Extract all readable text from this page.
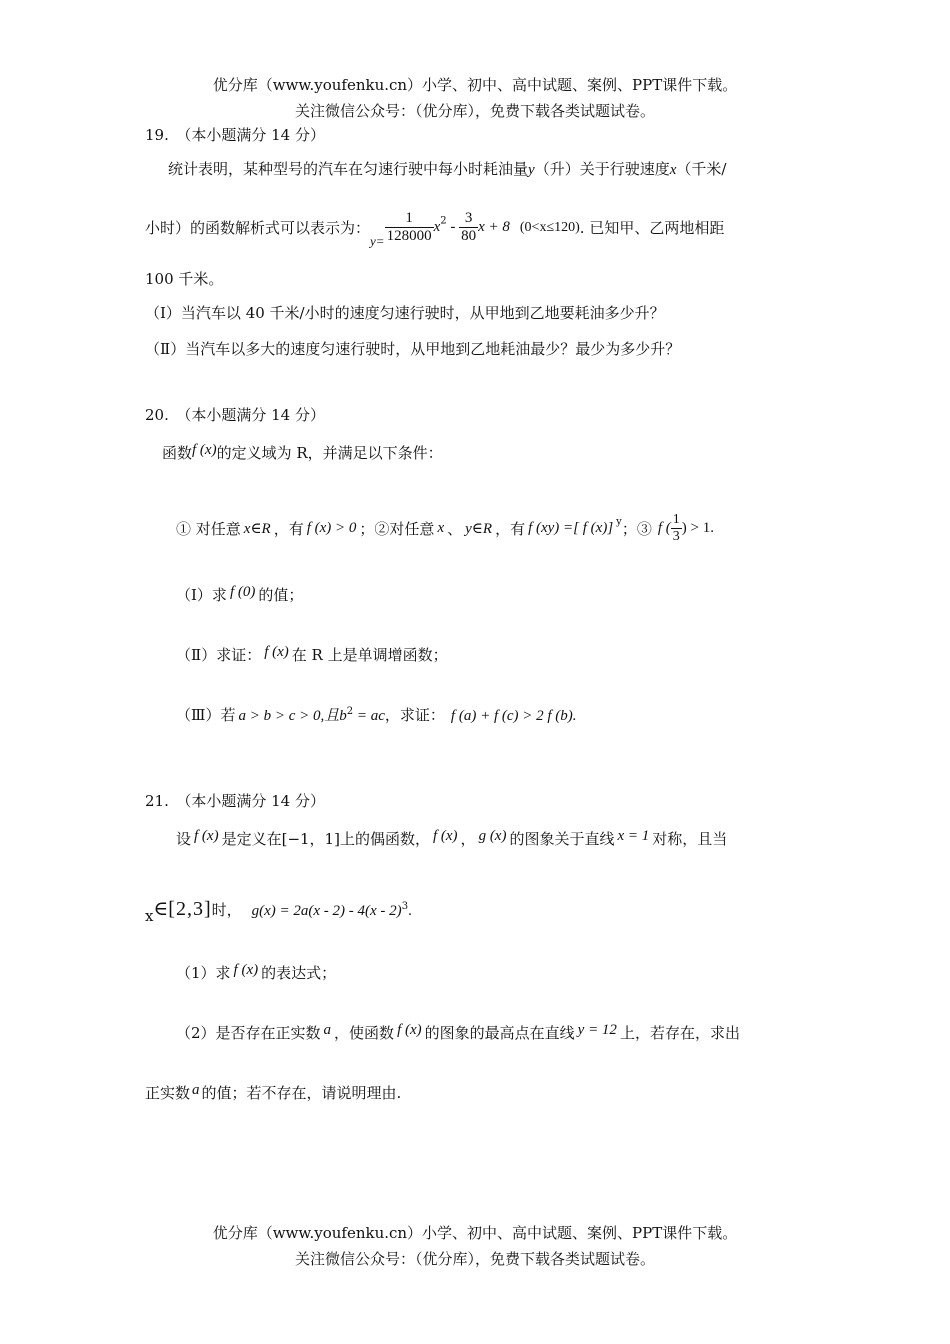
优分库（www.youfenku.cn）小学、初中、高中试题、案例、PPT课件下载。
关注微信公众号：（优分库），免费下载各类试题试卷。
19.　（本小题满分 14 分）
统计表明，某种型号的汽车在匀速行驶中每小时耗油量y（升）关于行驶速度x（千米/
小时）的函数解析式可以表示为：$y= \frac{1}{128000} x^2 - \frac{3}{80}$ x + 8 (0<x≤120). 已知甲、乙两地相距
100 千米。
（Ⅰ）当汽车以 40 千米/小时的速度匀速行驶时，从甲地到乙地要耗油多少升？
（Ⅱ）当汽车以多大的速度匀速行驶时，从甲地到乙地耗油最少？最少为多少升？
20.　（本小题满分 14 分）
函数f (x)的定义域为 R，并满足以下条件：
① 对任意 x∈R ，有 f (x) > 0 ；②对任意 x 、 y∈R ，有 f (xy) =[ f (x)] $^y$；③ f ( $\frac{1}{3}$ ) > 1.
（Ⅰ）求 f (0) 的值；
（Ⅱ）求证： f (x) 在 R 上是单调增函数；
（Ⅲ）若 a > b > c > 0,且$b^2$ = ac，求证： f (a) + f (c) > 2 f (b).
21.　（本小题满分 14 分）
设 f (x) 是定义在[−1，1]上的偶函数， f (x) ， g (x) 的图象关于直线 x = 1 对称，且当
x∈[2,3]时， g(x) = 2a(x - 2) - 4(x - 2)$^3$.
（1）求 f (x) 的表达式；
（2）是否存在正实数 a ，使函数 f (x) 的图象的最高点在直线 y = 12 上，若存在，求出
正实数 a 的值；若不存在，请说明理由.
优分库（www.youfenku.cn）小学、初中、高中试题、案例、PPT课件下载。
关注微信公众号：（优分库），免费下载各类试题试卷。
